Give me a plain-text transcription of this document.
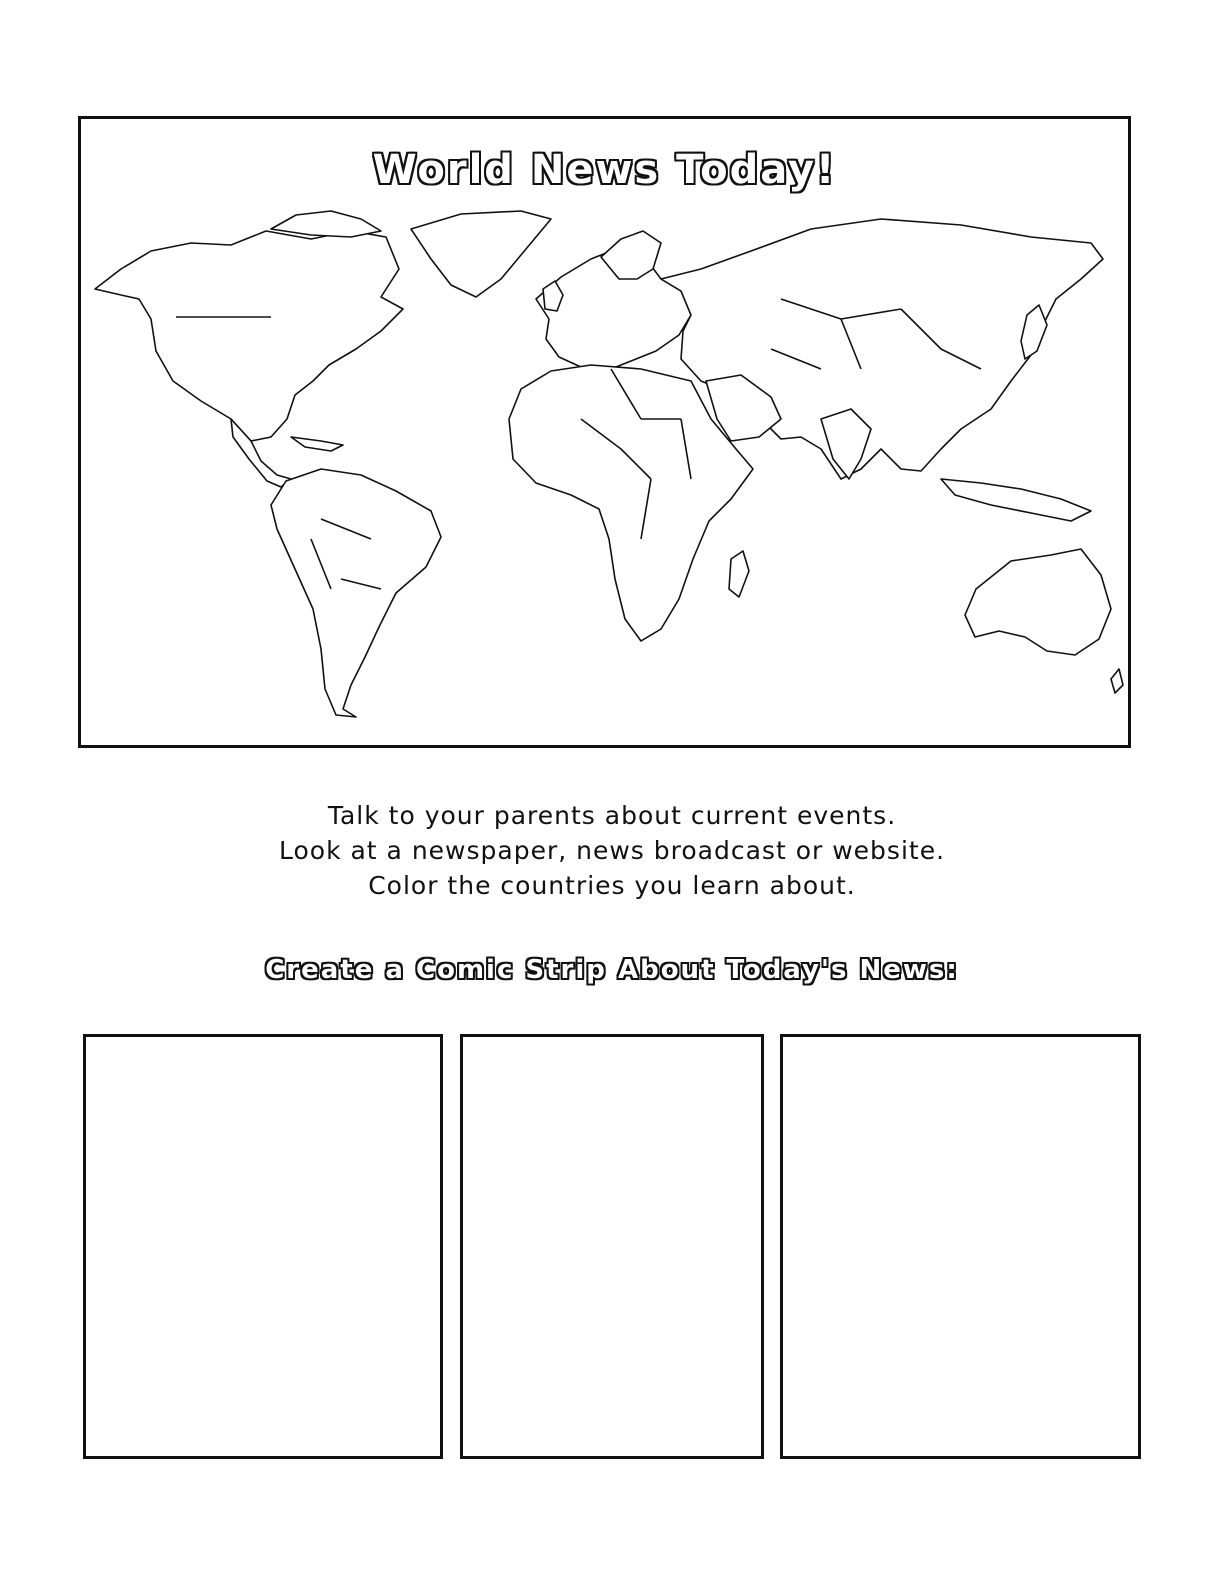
World News Today!
Talk to your parents about current events.
Look at a newspaper, news broadcast or website.
Color the countries you learn about.
Create a Comic Strip About Today's News:
